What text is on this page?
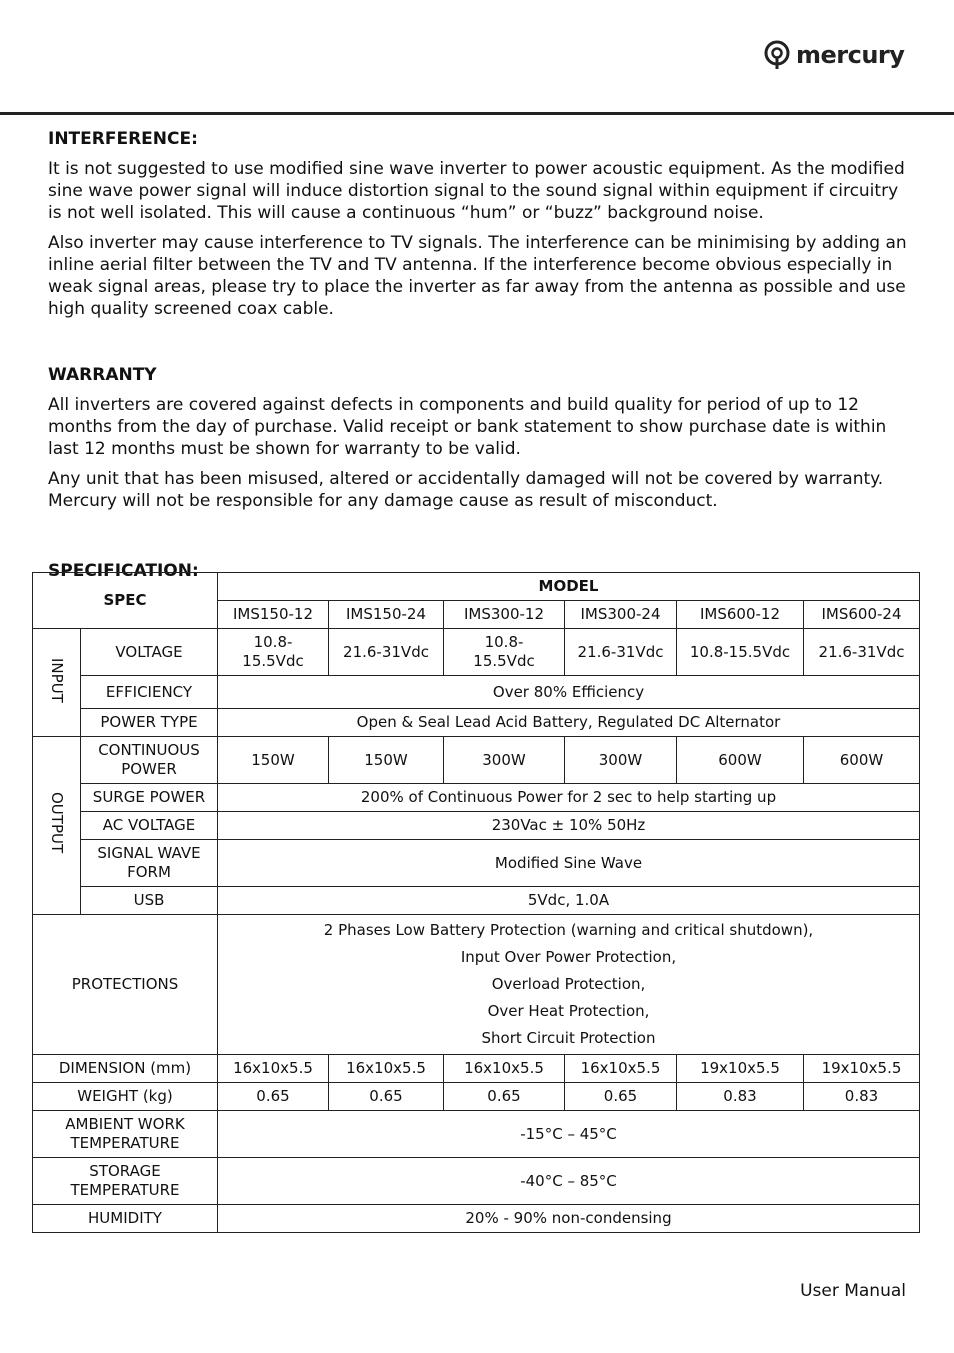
mercury
INTERFERENCE:

It is not suggested to use modified sine wave inverter to power acoustic equipment. As the modified sine wave power signal will induce distortion signal to the sound signal within equipment if circuitry is not well isolated. This will cause a continuous “hum” or “buzz” background noise.

Also inverter may cause interference to TV signals. The interference can be minimising by adding an inline aerial filter between the TV and TV antenna. If the interference become obvious especially in weak signal areas, please try to place the inverter as far away from the antenna as possible and use high quality screened coax cable.

WARRANTY

All inverters are covered against defects in components and build quality for period of up to 12 months from the day of purchase. Valid receipt or bank statement to show purchase date is within last 12 months must be shown for warranty to be valid.

Any unit that has been misused, altered or accidentally damaged will not be covered by warranty. Mercury will not be responsible for any damage cause as result of misconduct.

SPECIFICATION:
SPEC		MODEL					
		IMS150-12	IMS150-24	IMS300-12	IMS300-24	IMS600-12	IMS600-24
INPUT	VOLTAGE	10.8-15.5Vdc	21.6-31Vdc	10.8-15.5Vdc	21.6-31Vdc	10.8-15.5Vdc	21.6-31Vdc
	EFFICIENCY	Over 80% Efficiency					
	POWER TYPE	Open & Seal Lead Acid Battery, Regulated DC Alternator					
OUTPUT	CONTINUOUS POWER	150W	150W	300W	300W	600W	600W
	SURGE POWER	200% of Continuous Power for 2 sec to help starting up					
	AC VOLTAGE	230Vac ± 10% 50Hz					
	SIGNAL WAVE FORM	Modified Sine Wave					
	USB	5Vdc, 1.0A					
PROTECTIONS		2 Phases Low Battery Protection (warning and critical shutdown),
Input Over Power Protection,
Overload Protection,
Over Heat Protection,
Short Circuit Protection					

DIMENSION (mm)		16x10x5.5	16x10x5.5	16x10x5.5	16x10x5.5	19x10x5.5	19x10x5.5
WEIGHT (kg)		0.65	0.65	0.65	0.65	0.83	0.83
AMBIENT WORK TEMPERATURE		-15°C – 45°C					
STORAGE TEMPERATURE		-40°C – 85°C					
HUMIDITY		20% - 90% non-condensing					
User Manual
